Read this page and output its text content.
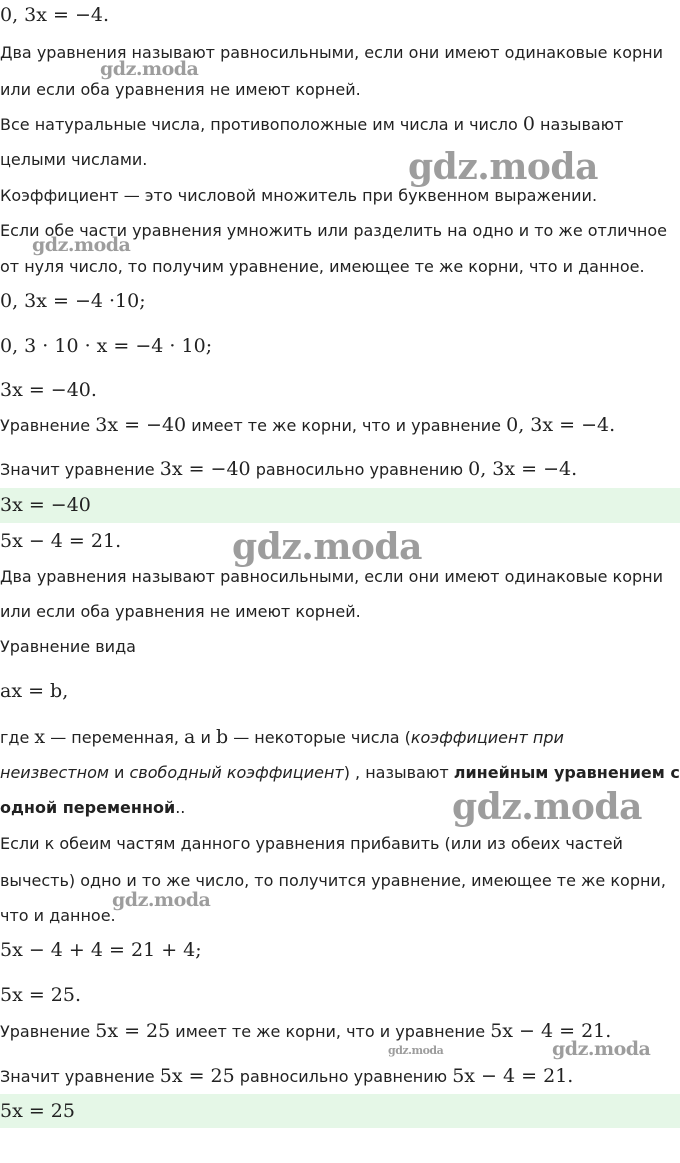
0, 3x = −4.
Два уравнения называют равносильными, если они имеют одинаковые корни
или если оба уравнения не имеют корней.
Все натуральные числа, противоположные им числа и число 0 называют
целыми числами.
Коэффициент — это числовой множитель при буквенном выражении.
Если обе части уравнения умножить или разделить на одно и то же отличное
от нуля число, то получим уравнение, имеющее те же корни, что и данное.
0, 3x = −4 ·10;
0, 3 · 10 · x = −4 · 10;
3x = −40.
Уравнение 3x = −40 имеет те же корни, что и уравнение 0, 3x = −4.
Значит уравнение 3x = −40 равносильно уравнению 0, 3x = −4.
3x = −40
5x − 4 = 21.
Два уравнения называют равносильными, если они имеют одинаковые корни
или если оба уравнения не имеют корней.
Уравнение вида
ax = b,
где x — переменная, a и b — некоторые числа (коэффициент при
неизвестном и свободный коэффициент) , называют линейным уравнением с
одной переменной..
Если к обеим частям данного уравнения прибавить (или из обеих частей
вычесть) одно и то же число, то получится уравнение, имеющее те же корни,
что и данное.
5x − 4 + 4 = 21 + 4;
5x = 25.
Уравнение 5x = 25 имеет те же корни, что и уравнение 5x − 4 = 21.
Значит уравнение 5x = 25 равносильно уравнению 5x − 4 = 21.
5x = 25
gdz.moda
gdz.moda
gdz.moda
gdz.moda
gdz.moda
gdz.moda
gdz.moda	gdz.moda
